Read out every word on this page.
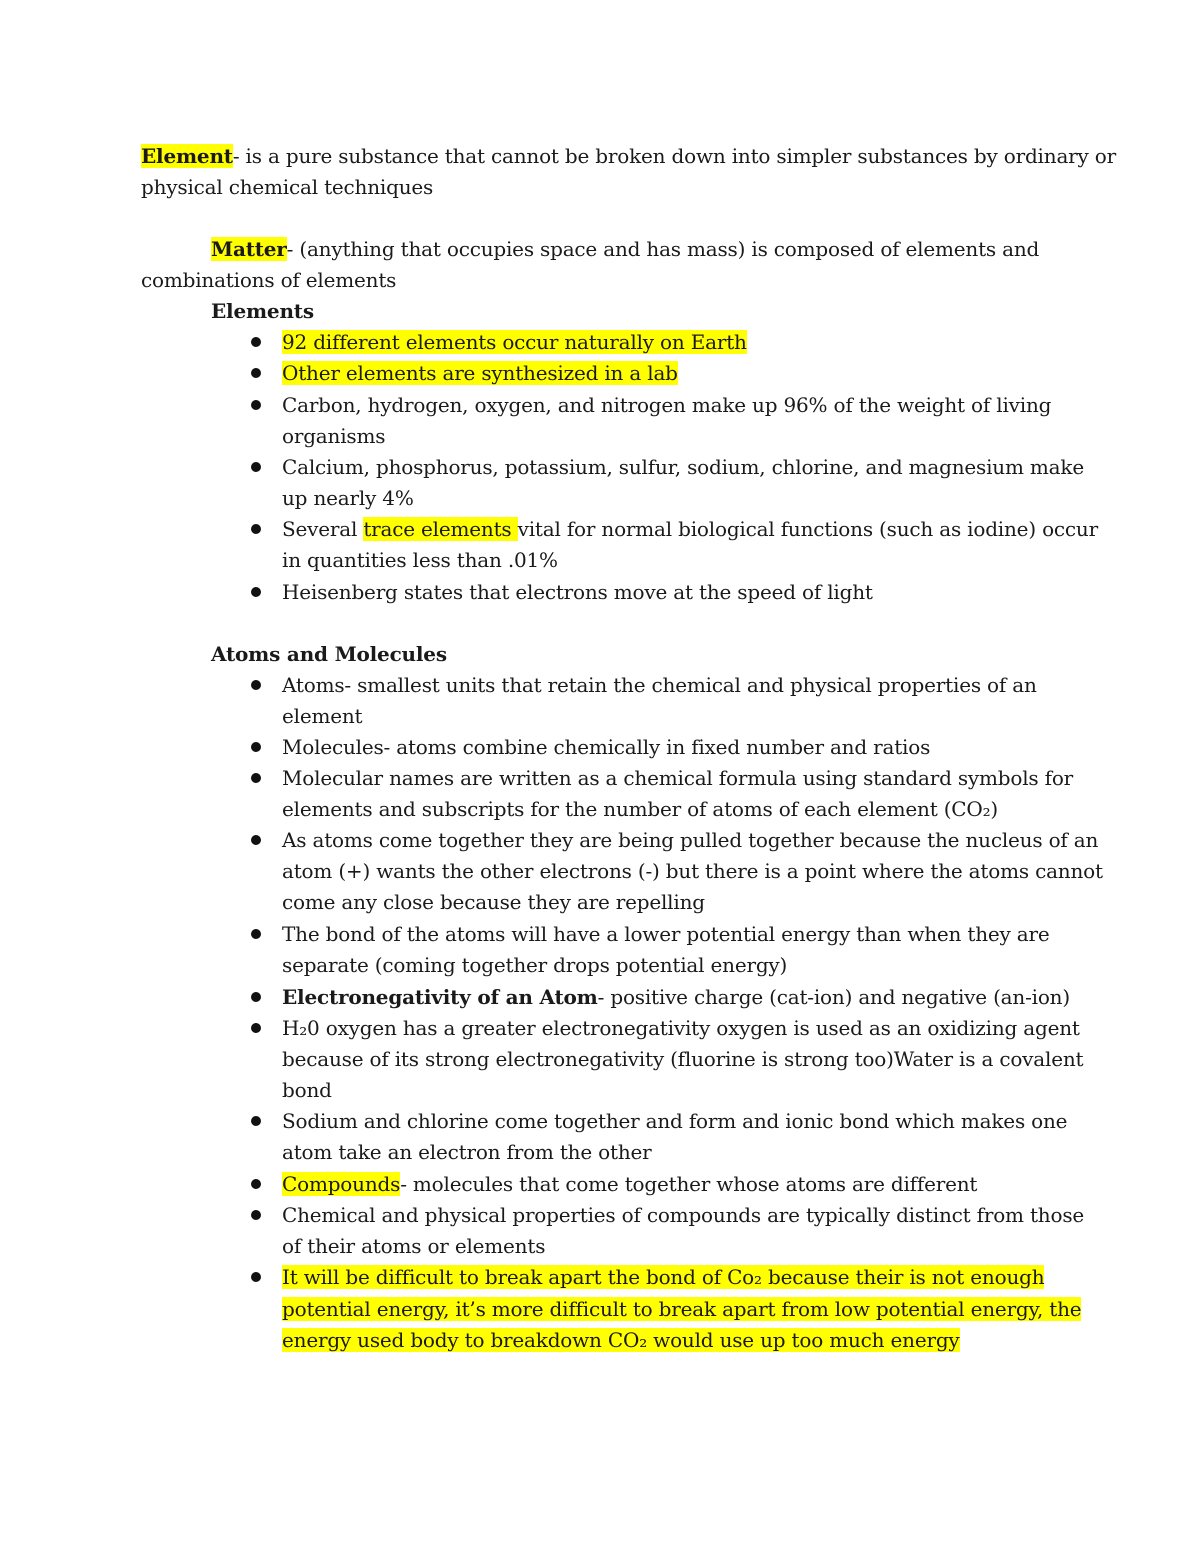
Element- is a pure substance that cannot be broken down into simpler substances by ordinary or
physical chemical techniques
Matter- (anything that occupies space and has mass) is composed of elements and
combinations of elements
Elements
92 different elements occur naturally on Earth
Other elements are synthesized in a lab
Carbon, hydrogen, oxygen, and nitrogen make up 96% of the weight of living
organisms
Calcium, phosphorus, potassium, sulfur, sodium, chlorine, and magnesium make
up nearly 4%
Several trace elements vital for normal biological functions (such as iodine) occur
in quantities less than .01%
Heisenberg states that electrons move at the speed of light
Atoms and Molecules
Atoms- smallest units that retain the chemical and physical properties of an
element
Molecules- atoms combine chemically in fixed number and ratios
Molecular names are written as a chemical formula using standard symbols for
elements and subscripts for the number of atoms of each element (CO₂)
As atoms come together they are being pulled together because the nucleus of an
atom (+) wants the other electrons (-) but there is a point where the atoms cannot
come any close because they are repelling
The bond of the atoms will have a lower potential energy than when they are
separate (coming together drops potential energy)
Electronegativity of an Atom- positive charge (cat-ion) and negative (an-ion)
H₂0 oxygen has a greater electronegativity oxygen is used as an oxidizing agent
because of its strong electronegativity (fluorine is strong too)Water is a covalent
bond
Sodium and chlorine come together and form and ionic bond which makes one
atom take an electron from the other
Compounds- molecules that come together whose atoms are different
Chemical and physical properties of compounds are typically distinct from those
of their atoms or elements
It will be difficult to break apart the bond of Co₂ because their is not enough
potential energy, it’s more difficult to break apart from low potential energy, the
energy used body to breakdown CO₂ would use up too much energy
